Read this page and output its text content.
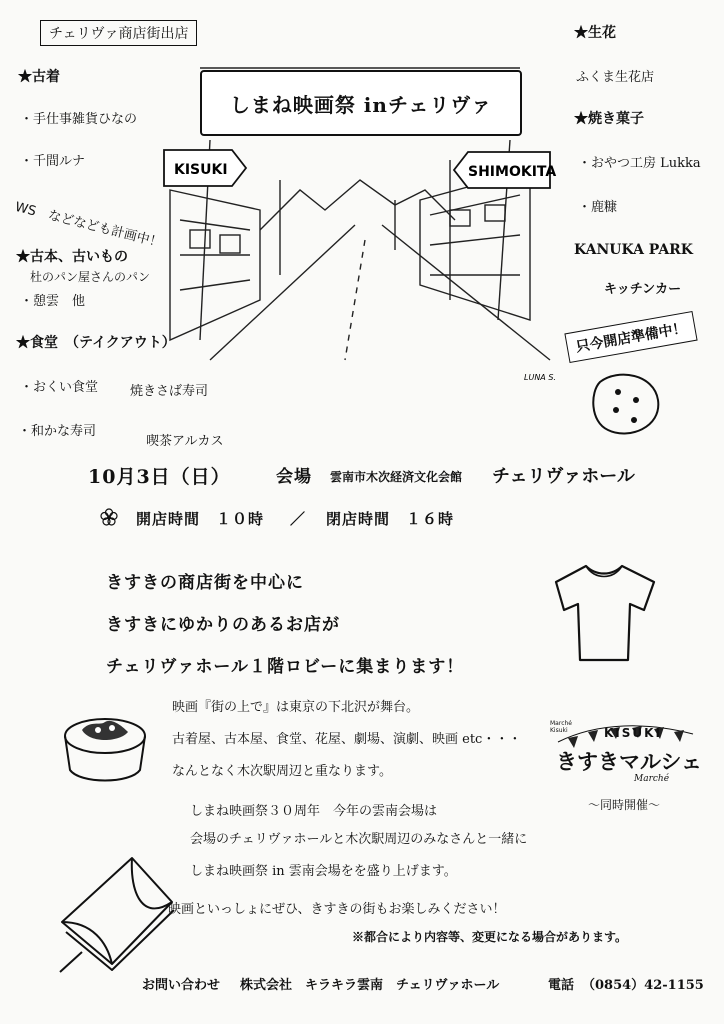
チェリヴァ商店街出店
★古着
・手仕事雑貨ひなの
・千間ルナ
WS　などなども計画中！
★古本、古いもの
杜のパン屋さんのパン
・憩雲　他
★食堂　（テイクアウト）
・おくい食堂 焼きさば寿司
・和かな寿司
喫茶アルカス
★生花
ふくま生花店
★焼き菓子
・おやつ工房 Lukka
・鹿糠
KANUKA PARK
キッチンカー
只今開店準備中！
KISUKI	SHIMOKITA
LUNA S.
しまね映画祭 inチェリヴァ
10月3日（日）	会場 雲南市木次経済文化会館 チェリヴァホール
開店時間　１０時 ／ 閉店時間　１６時
きすきの商店街を中心に
きすきにゆかりのあるお店が
チェリヴァホール１階ロビーに集まります！
映画『街の上で』は東京の下北沢が舞台。
古着屋、古本屋、食堂、花屋、劇場、演劇、映画 etc・・・
なんとなく木次駅周辺と重なります。
Marché Kisuki	KISUKI
きすきマルシェ
Marché
〜同時開催〜
しまね映画祭３０周年　今年の雲南会場は
会場のチェリヴァホールと木次駅周辺のみなさんと一緒に
しまね映画祭 in 雲南会場をを盛り上げます。
映画といっしょにぜひ、きすきの街もお楽しみください！
※都合により内容等、変更になる場合があります。
お問い合わせ 株式会社　キラキラ雲南　チェリヴァホール	電話 （0854）42-1155
